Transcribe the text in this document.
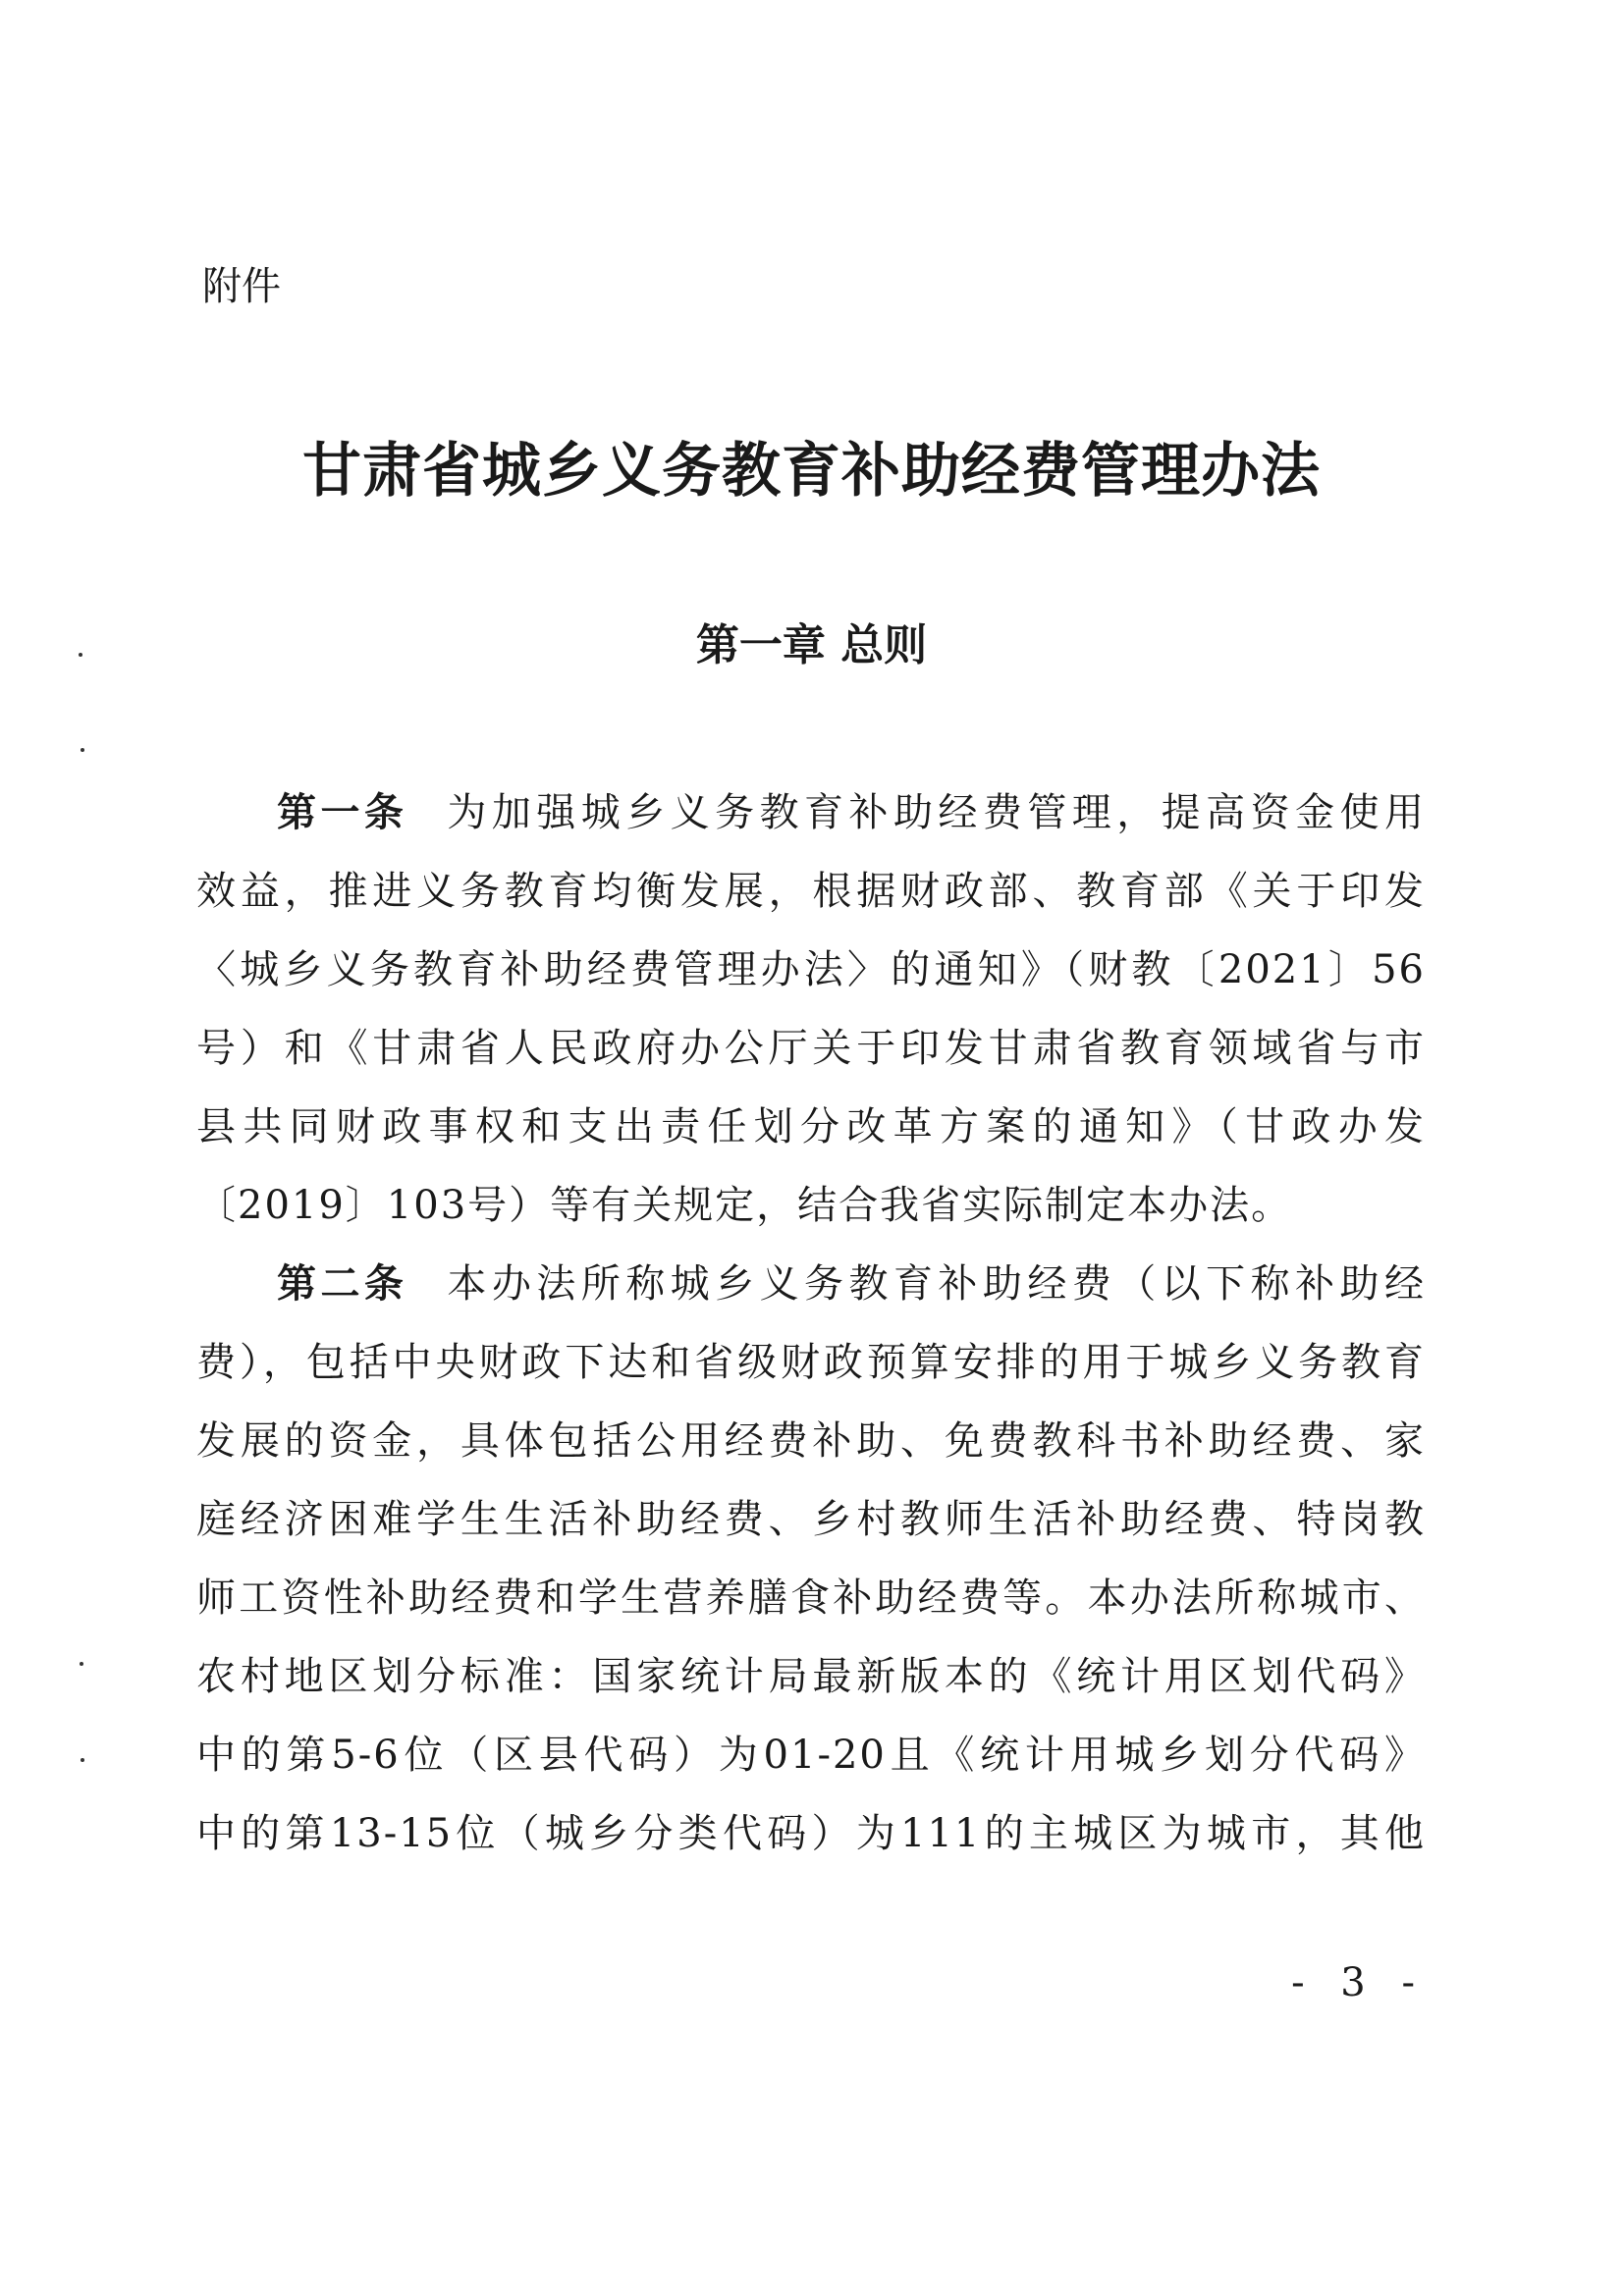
附件

甘肃省城乡义务教育补助经费管理办法
第一章 总则
第一条 为加强城乡义务教育补助经费管理，提高资金使用
效益，推进义务教育均衡发展，根据财政部、教育部《关于印发
〈城乡义务教育补助经费管理办法〉的通知》（财教〔2021〕56
号）和《甘肃省人民政府办公厅关于印发甘肃省教育领域省与市
县共同财政事权和支出责任划分改革方案的通知》（甘政办发
〔2019〕103号）等有关规定，结合我省实际制定本办法。
第二条 本办法所称城乡义务教育补助经费（以下称补助经
费），包括中央财政下达和省级财政预算安排的用于城乡义务教育
发展的资金，具体包括公用经费补助、免费教科书补助经费、家
庭经济困难学生生活补助经费、乡村教师生活补助经费、特岗教
师工资性补助经费和学生营养膳食补助经费等。本办法所称城市、
农村地区划分标准：国家统计局最新版本的《统计用区划代码》
中的第5-6位（区县代码）为01-20且《统计用城乡划分代码》
中的第13-15位（城乡分类代码）为111的主城区为城市，其他

- 3 -
